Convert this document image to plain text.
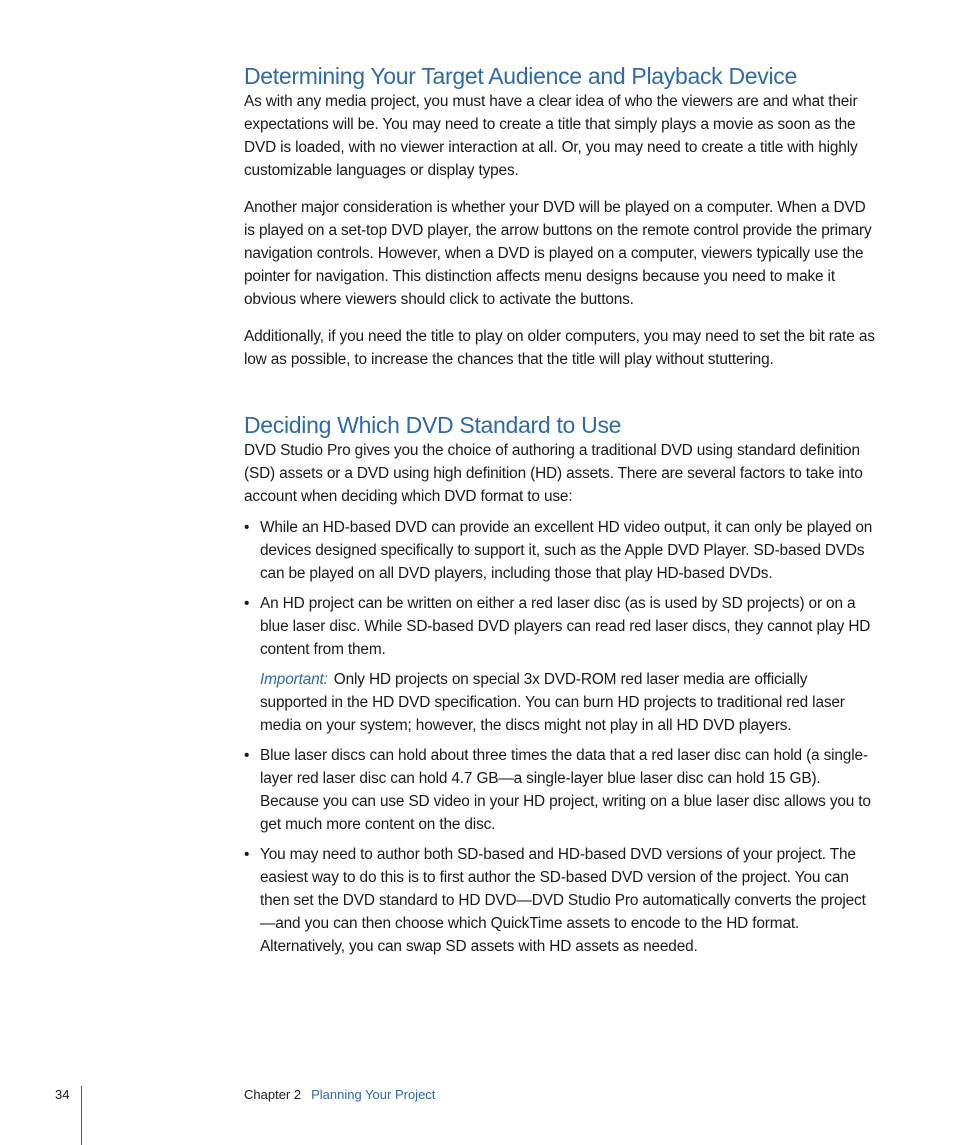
Determining Your Target Audience and Playback Device

As with any media project, you must have a clear idea of who the viewers are and what their expectations will be. You may need to create a title that simply plays a movie as soon as the DVD is loaded, with no viewer interaction at all. Or, you may need to create a title with highly customizable languages or display types.

Another major consideration is whether your DVD will be played on a computer. When a DVD is played on a set-top DVD player, the arrow buttons on the remote control provide the primary navigation controls. However, when a DVD is played on a computer, viewers typically use the pointer for navigation. This distinction affects menu designs because you need to make it obvious where viewers should click to activate the buttons.

Additionally, if you need the title to play on older computers, you may need to set the bit rate as low as possible, to increase the chances that the title will play without stuttering.

Deciding Which DVD Standard to Use

DVD Studio Pro gives you the choice of authoring a traditional DVD using standard definition (SD) assets or a DVD using high definition (HD) assets. There are several factors to take into account when deciding which DVD format to use:

• While an HD-based DVD can provide an excellent HD video output, it can only be played on devices designed specifically to support it, such as the Apple DVD Player. SD-based DVDs can be played on all DVD players, including those that play HD-based DVDs.

• An HD project can be written on either a red laser disc (as is used by SD projects) or on a blue laser disc. While SD-based DVD players can read red laser discs, they cannot play HD content from them.

Important: Only HD projects on special 3x DVD-ROM red laser media are officially supported in the HD DVD specification. You can burn HD projects to traditional red laser media on your system; however, the discs might not play in all HD DVD players.

• Blue laser discs can hold about three times the data that a red laser disc can hold (a single-layer red laser disc can hold 4.7 GB—a single-layer blue laser disc can hold 15 GB). Because you can use SD video in your HD project, writing on a blue laser disc allows you to get much more content on the disc.

• You may need to author both SD-based and HD-based DVD versions of your project. The easiest way to do this is to first author the SD-based DVD version of the project. You can then set the DVD standard to HD DVD—DVD Studio Pro automatically converts the project—and you can then choose which QuickTime assets to encode to the HD format. Alternatively, you can swap SD assets with HD assets as needed.

34	Chapter 2 Planning Your Project
